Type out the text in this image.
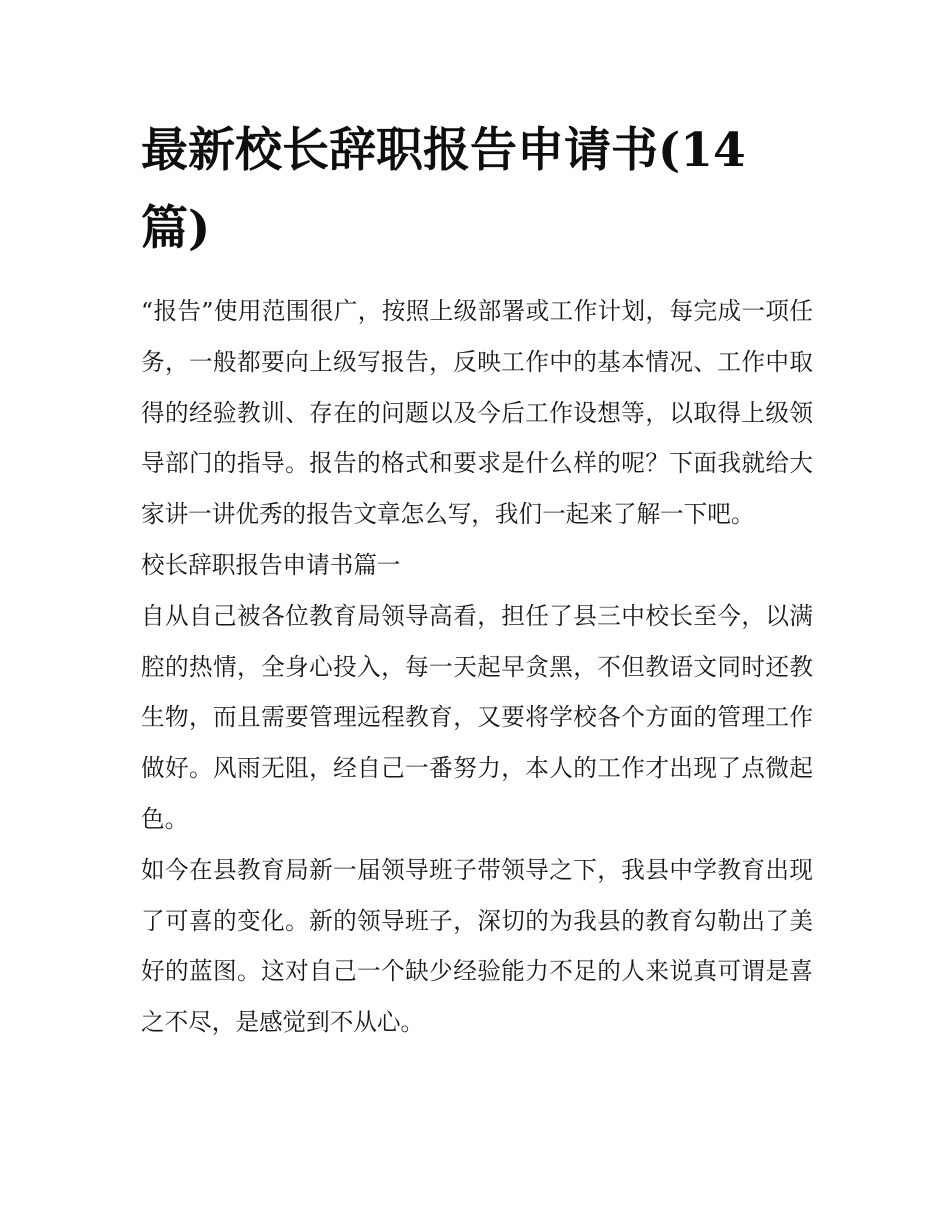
最新校长辞职报告申请书(14篇)

“报告”使用范围很广，按照上级部署或工作计划，每完成一项任务，一般都要向上级写报告，反映工作中的基本情况、工作中取得的经验教训、存在的问题以及今后工作设想等，以取得上级领导部门的指导。报告的格式和要求是什么样的呢？下面我就给大家讲一讲优秀的报告文章怎么写，我们一起来了解一下吧。

校长辞职报告申请书篇一

自从自己被各位教育局领导高看，担任了县三中校长至今，以满腔的热情，全身心投入，每一天起早贪黑，不但教语文同时还教生物，而且需要管理远程教育，又要将学校各个方面的管理工作做好。风雨无阻，经自己一番努力，本人的工作才出现了点微起色。

如今在县教育局新一届领导班子带领导之下，我县中学教育出现了可喜的变化。新的领导班子，深切的为我县的教育勾勒出了美好的蓝图。这对自己一个缺少经验能力不足的人来说真可谓是喜之不尽，是感觉到不从心。
